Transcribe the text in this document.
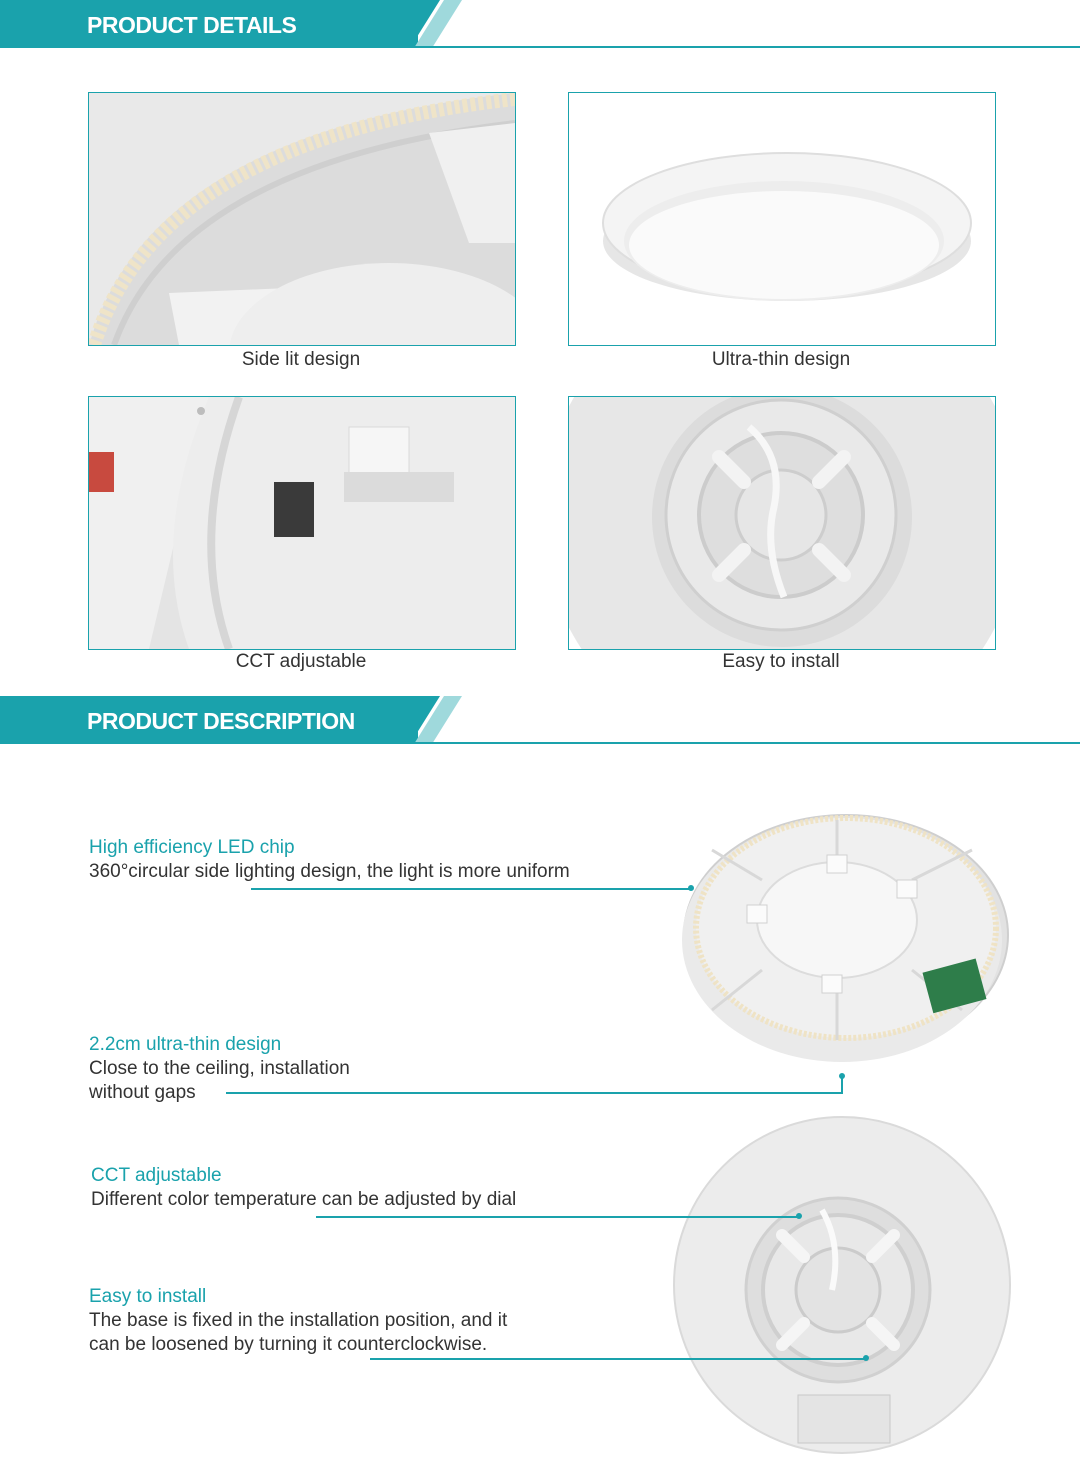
PRODUCT DETAILS
Side lit design	Ultra-thin design
CCT adjustable	Easy to install
PRODUCT DESCRIPTION
High efficiency LED chip
360°circular side lighting design, the light is more uniform
2.2cm ultra-thin design
Close to the ceiling, installation
without gaps
CCT adjustable
Different color temperature can be adjusted by dial
Easy to install
The base is fixed in the installation position, and it
can be loosened by turning it counterclockwise.
